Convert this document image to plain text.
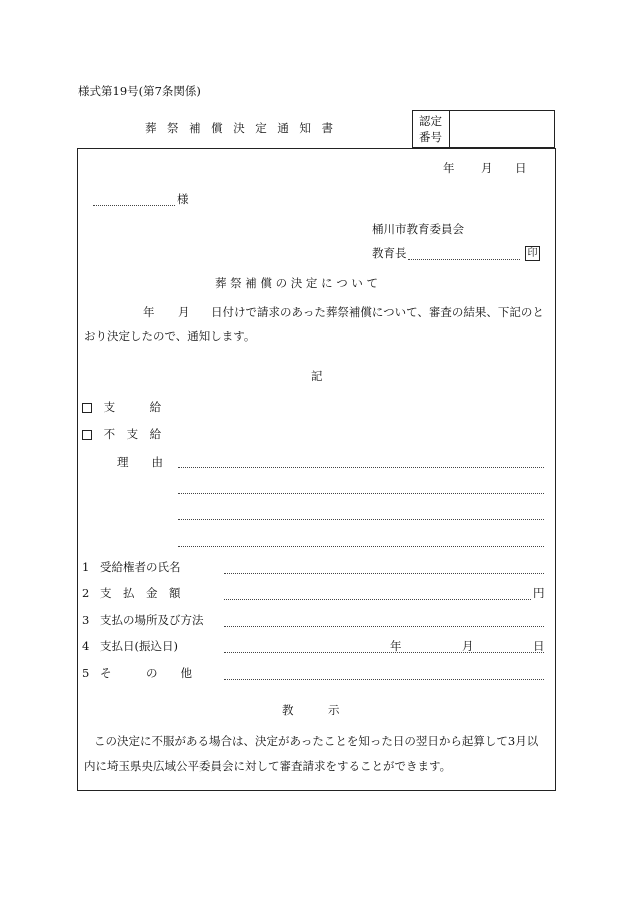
様式第19号(第7条関係)
葬 祭 補 償 決 定 通 知 書	認定
番号
年 月 日
様
桶川市教育委員会
教育長	印
葬 祭 補 償 の 決 定 に つ い て
年 月 日付けで請求のあった葬祭補償について、審査の結果、下記のと
おり決定したので、通知します。
記
支　　　給
不　支　給
理　　由
1 受給権者の氏名
2 支　払　金　額	円
3 支払の場所及び方法
4 支払日(振込日)	年	月	日
5 そ　　　の　　他
教　　　示
この決定に不服がある場合は、決定があったことを知った日の翌日から起算して3月以
内に埼玉県央広域公平委員会に対して審査請求をすることができます。
